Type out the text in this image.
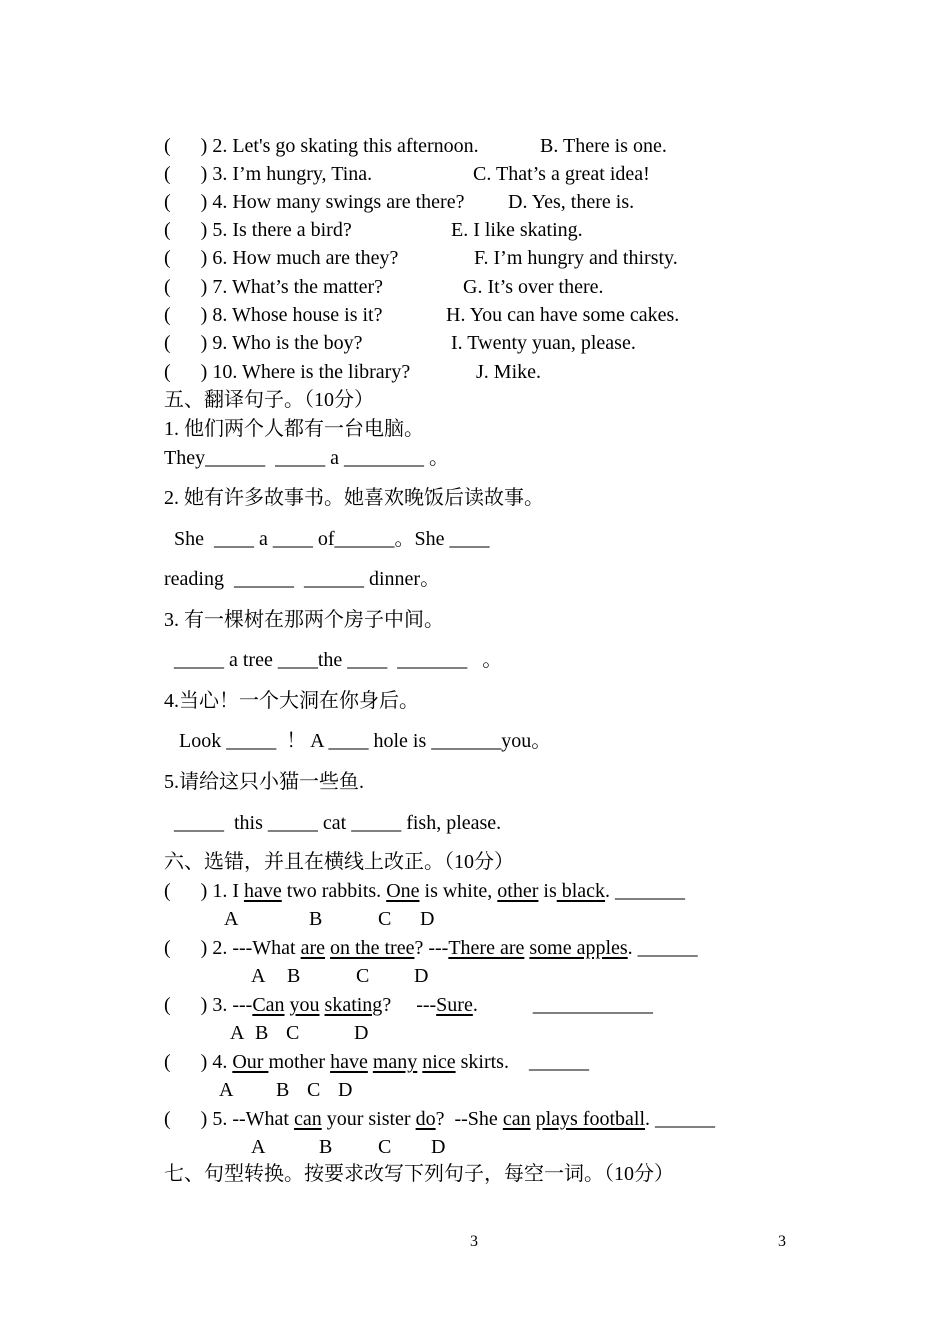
(      ) 2. Let's go skating this afternoon.	B. There is one.
(      ) 3. I’m hungry, Tina.	C. That’s a great idea!
(      ) 4. How many swings are there? D. Yes, there is.
(      ) 5. Is there a bird?	E. I like skating.
(      ) 6. How much are they?	F. I’m hungry and thirsty.
(      ) 7. What’s the matter?	G. It’s over there.
(      ) 8. Whose house is it?	H. You can have some cakes.
(      ) 9. Who is the boy?	I. Twenty yuan, please.
(      ) 10. Where is the library?	J. Mike.
五、翻译句子。（10分）
1. 他们两个人都有一台电脑。
They______  _____ a ________ 。
2. 她有许多故事书。她喜欢晚饭后读故事。
She  ____ a ____ of______。She ____
reading  ______  ______ dinner。
3. 有一棵树在那两个房子中间。
_____ a tree ____the ____  _______   。
4.当心！一个大洞在你身后。
Look _____  ！ A ____ hole is _______you。
5.请给这只小猫一些鱼.
_____  this _____ cat _____ fish, please.
六、选错，并且在横线上改正。（10分）
(      ) 1. I have two rabbits. One is white, other is black. _______
A	B	C D
(      ) 2. ---What are on the tree? ---There are some apples. ______
A B	C D
(      ) 3. ---Can you skating?     ---Sure.           ____________
A B C	D
(      ) 4. Our mother have many nice skirts.    ______
A B C D
(      ) 5. --What can your sister do?  --She can plays football. ______
A	B C D
七、句型转换。按要求改写下列句子，每空一词。（10分）
3	3
